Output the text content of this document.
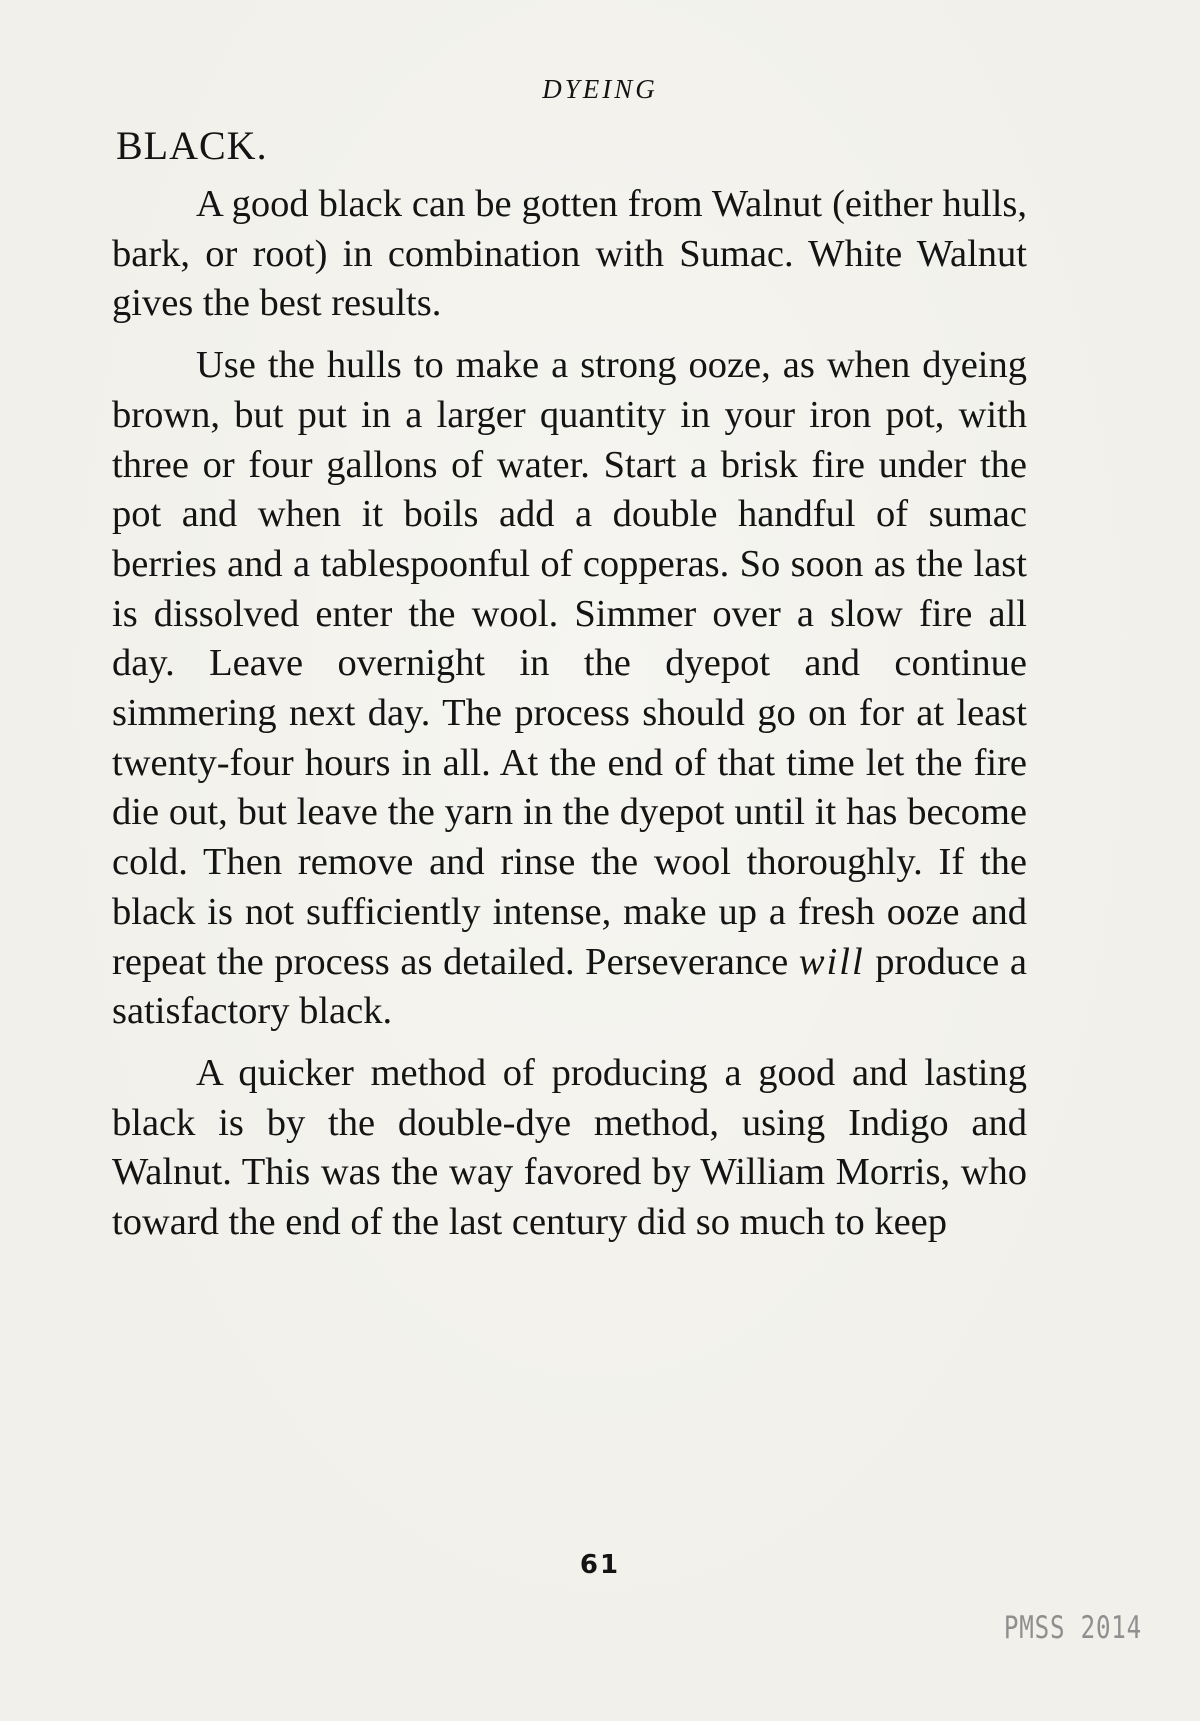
DYEING
BLACK.

A good black can be gotten from Walnut (either hulls, bark, or root) in combination with Sumac. White Walnut gives the best results.

Use the hulls to make a strong ooze, as when dyeing brown, but put in a larger quantity in your iron pot, with three or four gallons of water. Start a brisk fire under the pot and when it boils add a double handful of sumac berries and a tablespoonful of copperas. So soon as the last is dissolved enter the wool. Simmer over a slow fire all day. Leave overnight in the dyepot and continue simmering next day. The process should go on for at least twenty-four hours in all. At the end of that time let the fire die out, but leave the yarn in the dyepot until it has become cold. Then remove and rinse the wool thoroughly. If the black is not sufficiently intense, make up a fresh ooze and repeat the process as detailed. Perseverance will produce a satisfactory black.

A quicker method of producing a good and lasting black is by the double-dye method, using Indigo and Walnut. This was the way favored by William Morris, who toward the end of the last century did so much to keep

61
PMSS 2014
